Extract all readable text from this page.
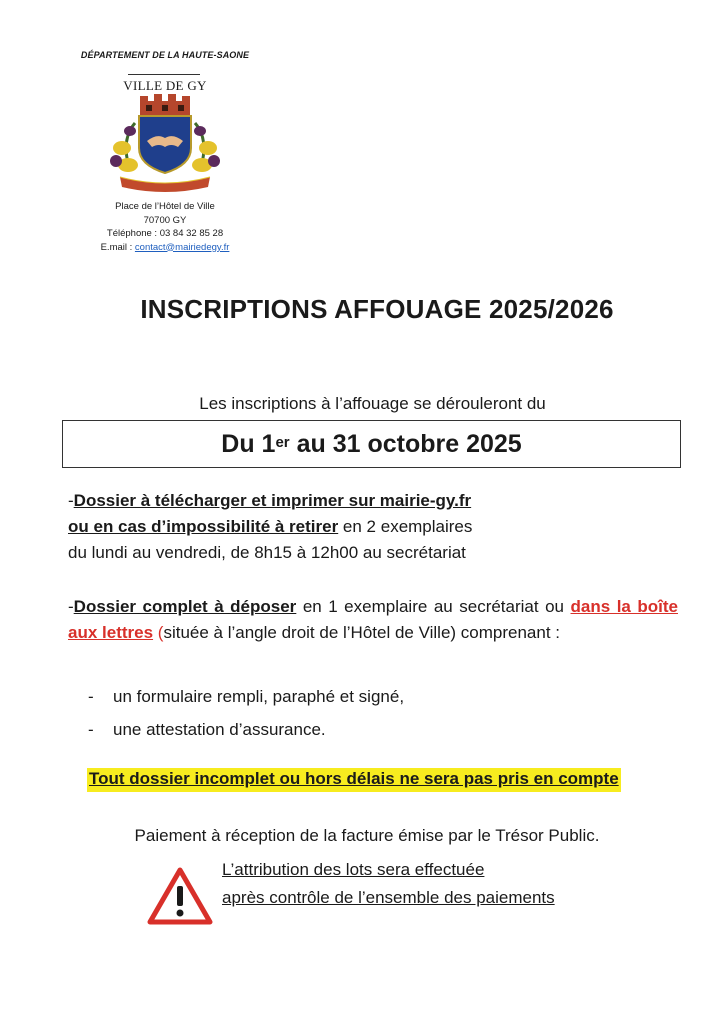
DÉPARTEMENT DE LA HAUTE-SAONE
VILLE DE GY
Place de l’Hôtel de Ville
70700 GY
Téléphone : 03 84 32 85 28
E.mail : contact@mairiedegy.fr
INSCRIPTIONS AFFOUAGE 2025/2026
Les inscriptions à l’affouage se dérouleront du
Du 1er au 31 octobre 2025
-Dossier à télécharger et imprimer sur mairie-gy.fr
ou en cas d’impossibilité à retirer en 2 exemplaires
du lundi au vendredi, de 8h15 à 12h00 au secrétariat
-Dossier complet à déposer en 1 exemplaire au secrétariat ou dans la boîte aux lettres (située à l’angle droit de l’Hôtel de Ville) comprenant :
- un formulaire rempli, paraphé et signé,
- une attestation d’assurance.
Tout dossier incomplet ou hors délais ne sera pas pris en compte
Paiement à réception de la facture émise par le Trésor Public.
L’attribution des lots sera effectuée
après contrôle de l’ensemble des paiements
